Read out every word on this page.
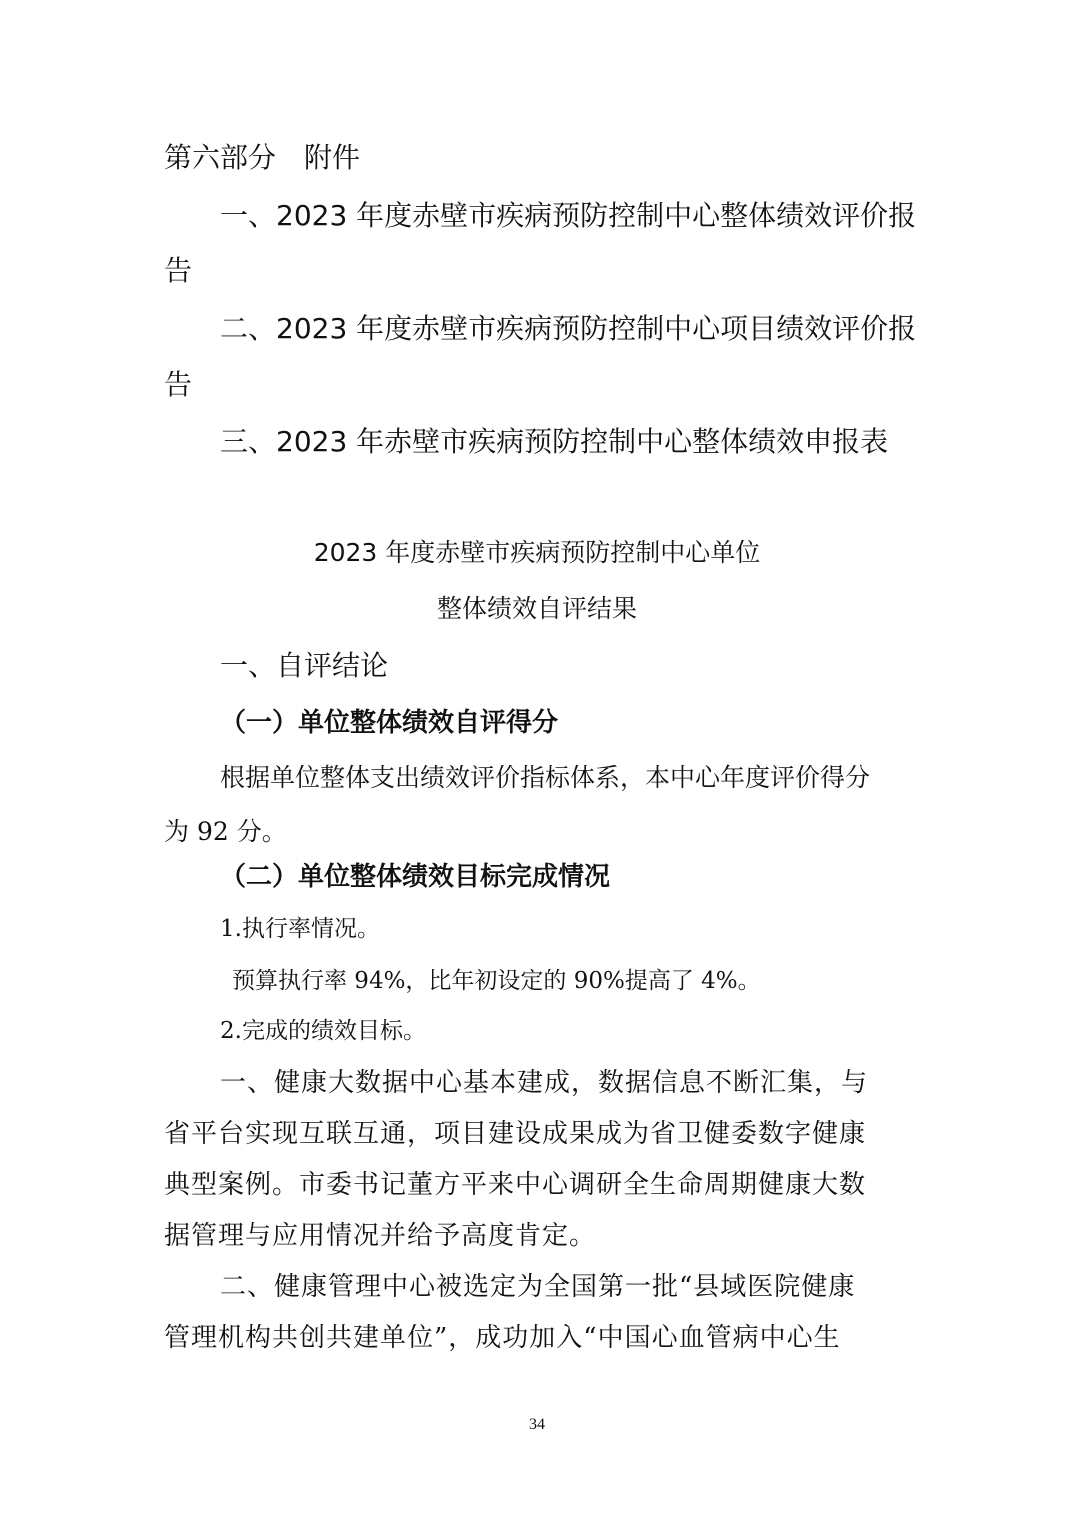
第六部分　附件
一、2023 年度赤壁市疾病预防控制中心整体绩效评价报
告
二、2023 年度赤壁市疾病预防控制中心项目绩效评价报
告
三、2023 年赤壁市疾病预防控制中心整体绩效申报表
2023 年度赤壁市疾病预防控制中心单位
整体绩效自评结果
一、自评结论
（一）单位整体绩效自评得分
根据单位整体支出绩效评价指标体系，本中心年度评价得分
为 92 分。
（二）单位整体绩效目标完成情况
1.执行率情况。
预算执行率 94%，比年初设定的 90%提高了 4%。
2.完成的绩效目标。
一、健康大数据中心基本建成，数据信息不断汇集，与
省平台实现互联互通，项目建设成果成为省卫健委数字健康
典型案例。市委书记董方平来中心调研全生命周期健康大数
据管理与应用情况并给予高度肯定。
二、健康管理中心被选定为全国第一批“县域医院健康
管理机构共创共建单位”，成功加入“中国心血管病中心生
34
